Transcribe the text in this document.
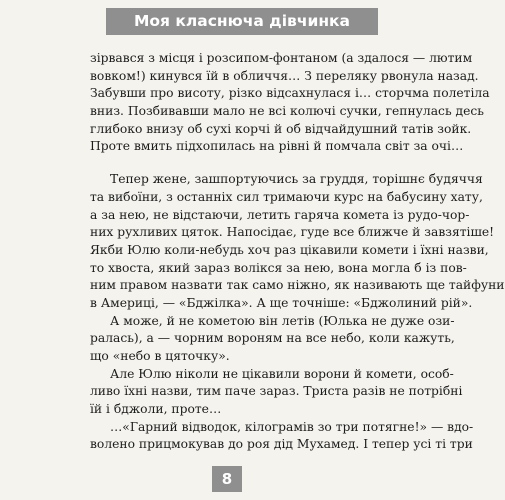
Моя класнюча дівчинка
зірвався з місця і розсипом-фонтаном (а здалося — лютим
вовком!) кинувся їй в обличчя… З переляку рвонула назад.
Забувши про висоту, різко відсахнулася і… сторчма полетіла
вниз. Позбивавши мало не всі колючі сучки, гепнулась десь
глибоко внизу об сухі корчі й об відчайдушний татів зойк.
Проте вмить підхопилась на рівні й помчала світ за очі…
Тепер жене, зашпортуючись за груддя, торішнє будяччя
та вибоїни, з останніх сил тримаючи курс на бабусину хату,
а за нею, не відстаючи, летить гаряча комета із рудо-чор-
них рухливих цяток. Напосідає, гуде все ближче й завзятіше!
Якби Юлю коли-небудь хоч раз цікавили комети і їхні назви,
то хвоста, який зараз волікся за нею, вона могла б із пов-
ним правом назвати так само ніжно, як називають ще тайфуни
в Америці, — «Бджілка». А ще точніше: «Бджолиний рій».
А може, й не кометою він летів (Юлька не дуже ози-
ралась), а — чорним вороням на все небо, коли кажуть,
що «небо в цяточку».
Але Юлю ніколи не цікавили ворони й комети, особ-
ливо їхні назви, тим паче зараз. Триста разів не потрібні
їй і бджоли, проте…
…«Гарний відводок, кілограмів зо три потягне!» — вдо-
волено прицмокував до роя дід Мухамед. І тепер усі ті три
8
